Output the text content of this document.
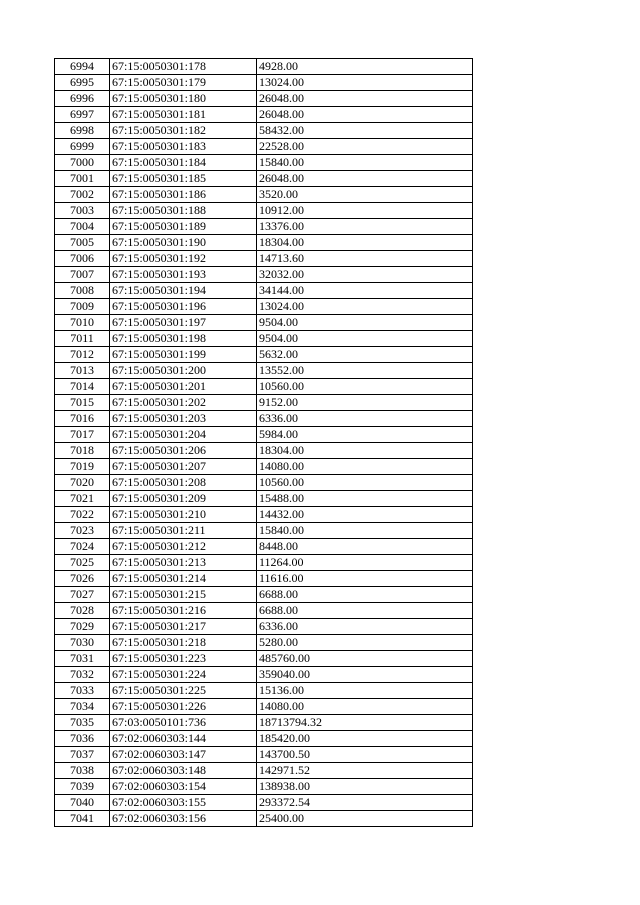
6994	67:15:0050301:178	4928.00
6995	67:15:0050301:179	13024.00
6996	67:15:0050301:180	26048.00
6997	67:15:0050301:181	26048.00
6998	67:15:0050301:182	58432.00
6999	67:15:0050301:183	22528.00
7000	67:15:0050301:184	15840.00
7001	67:15:0050301:185	26048.00
7002	67:15:0050301:186	3520.00
7003	67:15:0050301:188	10912.00
7004	67:15:0050301:189	13376.00
7005	67:15:0050301:190	18304.00
7006	67:15:0050301:192	14713.60
7007	67:15:0050301:193	32032.00
7008	67:15:0050301:194	34144.00
7009	67:15:0050301:196	13024.00
7010	67:15:0050301:197	9504.00
7011	67:15:0050301:198	9504.00
7012	67:15:0050301:199	5632.00
7013	67:15:0050301:200	13552.00
7014	67:15:0050301:201	10560.00
7015	67:15:0050301:202	9152.00
7016	67:15:0050301:203	6336.00
7017	67:15:0050301:204	5984.00
7018	67:15:0050301:206	18304.00
7019	67:15:0050301:207	14080.00
7020	67:15:0050301:208	10560.00
7021	67:15:0050301:209	15488.00
7022	67:15:0050301:210	14432.00
7023	67:15:0050301:211	15840.00
7024	67:15:0050301:212	8448.00
7025	67:15:0050301:213	11264.00
7026	67:15:0050301:214	11616.00
7027	67:15:0050301:215	6688.00
7028	67:15:0050301:216	6688.00
7029	67:15:0050301:217	6336.00
7030	67:15:0050301:218	5280.00
7031	67:15:0050301:223	485760.00
7032	67:15:0050301:224	359040.00
7033	67:15:0050301:225	15136.00
7034	67:15:0050301:226	14080.00
7035	67:03:0050101:736	18713794.32
7036	67:02:0060303:144	185420.00
7037	67:02:0060303:147	143700.50
7038	67:02:0060303:148	142971.52
7039	67:02:0060303:154	138938.00
7040	67:02:0060303:155	293372.54
7041	67:02:0060303:156	25400.00
